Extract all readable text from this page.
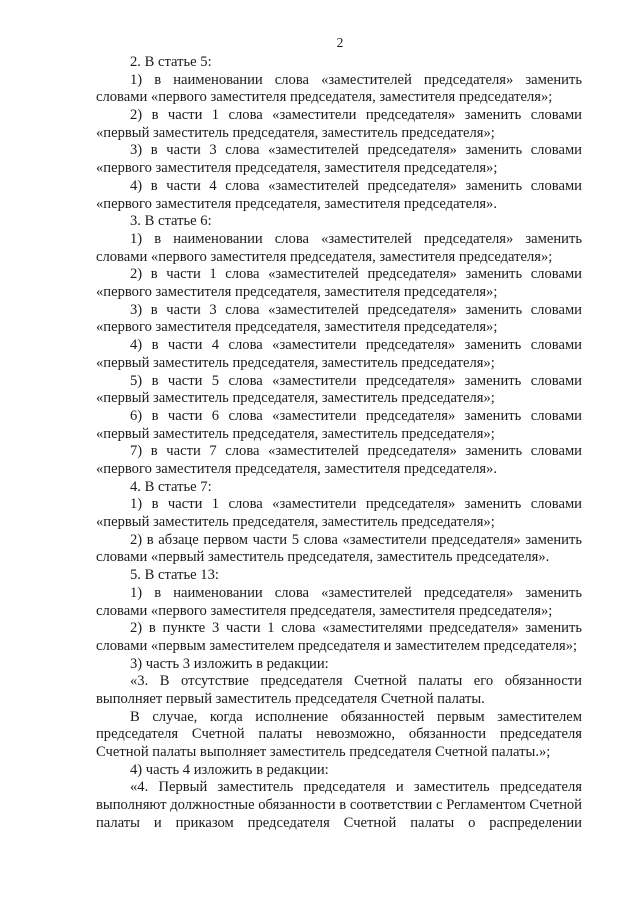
2
2. В статье 5:
1) в наименовании слова «заместителей председателя» заменить
словами «первого заместителя председателя, заместителя председателя»;
2) в части 1 слова «заместители председателя» заменить словами
«первый заместитель председателя, заместитель председателя»;
3) в части 3 слова «заместителей председателя» заменить словами
«первого заместителя председателя, заместителя председателя»;
4) в части 4 слова «заместителей председателя» заменить словами
«первого заместителя председателя, заместителя председателя».
3. В статье 6:
1) в наименовании слова «заместителей председателя» заменить
словами «первого заместителя председателя, заместителя председателя»;
2) в части 1 слова «заместителей председателя» заменить словами
«первого заместителя председателя, заместителя председателя»;
3) в части 3 слова «заместителей председателя» заменить словами
«первого заместителя председателя, заместителя председателя»;
4) в части 4 слова «заместители председателя» заменить словами
«первый заместитель председателя, заместитель председателя»;
5) в части 5 слова «заместители председателя» заменить словами
«первый заместитель председателя, заместитель председателя»;
6) в части 6 слова «заместители председателя» заменить словами
«первый заместитель председателя, заместитель председателя»;
7) в части 7 слова «заместителей председателя» заменить словами
«первого заместителя председателя, заместителя председателя».
4. В статье 7:
1) в части 1 слова «заместители председателя» заменить словами
«первый заместитель председателя, заместитель председателя»;
2) в абзаце первом части 5 слова «заместители председателя» заменить
словами «первый заместитель председателя, заместитель председателя».
5. В статье 13:
1) в наименовании слова «заместителей председателя» заменить
словами «первого заместителя председателя, заместителя председателя»;
2) в пункте 3 части 1 слова «заместителями председателя» заменить
словами «первым заместителем председателя и заместителем председателя»;
3) часть 3 изложить в редакции:
«3. В отсутствие председателя Счетной палаты его обязанности
выполняет первый заместитель председателя Счетной палаты.
В случае, когда исполнение обязанностей первым заместителем
председателя Счетной палаты невозможно, обязанности председателя
Счетной палаты выполняет заместитель председателя Счетной палаты.»;
4) часть 4 изложить в редакции:
«4. Первый заместитель председателя и заместитель председателя
выполняют должностные обязанности в соответствии с Регламентом Счетной
палаты и приказом председателя Счетной палаты о распределении
